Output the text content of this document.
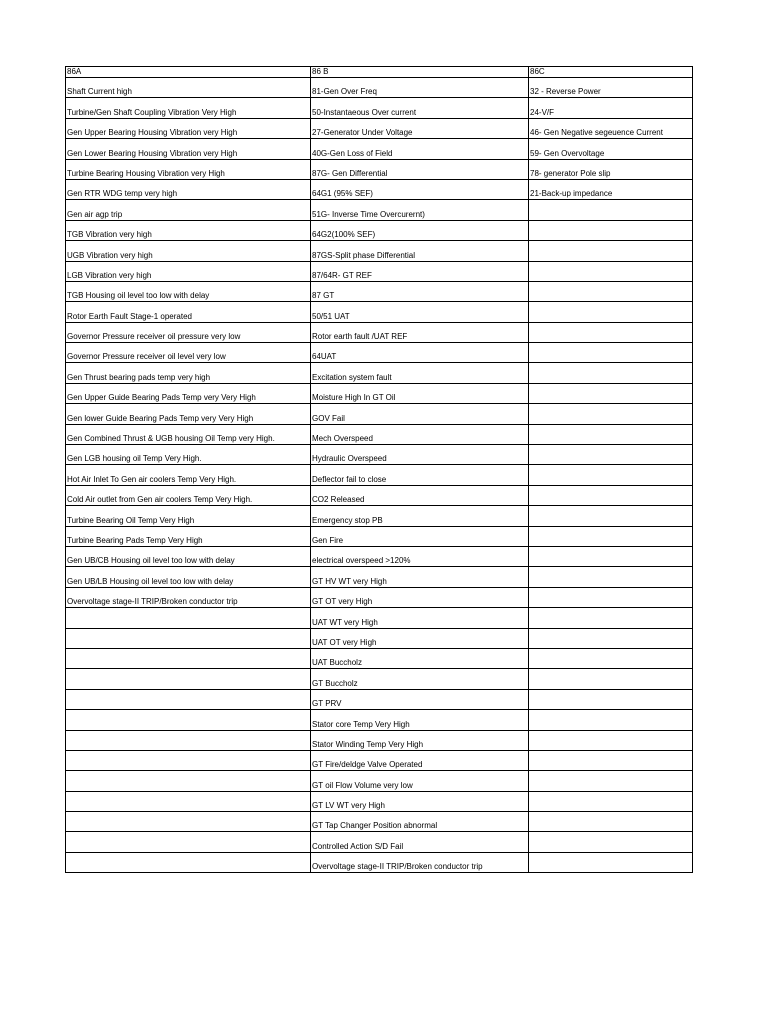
86A	86 B	86C
Shaft Current high	81-Gen Over Freq	32 - Reverse Power
Turbine/Gen Shaft Coupling Vibration Very High	50-Instantaeous Over current	24-V/F
Gen Upper Bearing Housing Vibration very High	27-Generator Under Voltage	46- Gen Negative segeuence Current
Gen Lower Bearing Housing Vibration very High	40G-Gen Loss of Field	59- Gen Overvoltage
Turbine Bearing Housing Vibration very High	87G- Gen Differential	78- generator Pole slip
Gen RTR WDG temp very high	64G1 (95% SEF)	21-Back-up impedance
Gen air agp trip	51G- Inverse Time Overcurernt)	
TGB Vibration very high	64G2(100% SEF)	
UGB Vibration very high	87GS-Split phase Differential	
LGB Vibration very high	87/64R- GT REF	
TGB Housing oil level too low with delay	87 GT	
Rotor Earth Fault Stage-1 operated	50/51 UAT	
Governor Pressure receiver oil pressure very low	Rotor earth fault /UAT REF	
Governor Pressure receiver oil level very low	64UAT	
Gen Thrust bearing pads temp very high	Excitation system fault	
Gen Upper Guide Bearing Pads Temp very Very High	Moisture High In GT Oil	
Gen lower Guide Bearing Pads Temp very Very High	GOV Fail	
Gen Combined Thrust & UGB housing Oil Temp very High.	Mech Overspeed	
Gen LGB housing oil Temp Very High.	Hydraulic Overspeed	
Hot Air Inlet To Gen air coolers Temp Very High.	Deflector fail to close	
Cold Air outlet from Gen air coolers Temp Very High.	CO2 Released	
Turbine Bearing Oil Temp Very High	Emergency stop PB	
Turbine Bearing Pads Temp Very High	Gen Fire	
Gen UB/CB Housing oil level too low with delay	electrical overspeed >120%	
Gen UB/LB Housing oil level too low with delay	GT HV WT very High	
Overvoltage stage-II TRIP/Broken conductor trip	GT OT very High	
	UAT WT very High	
	UAT OT very High	
	UAT Buccholz	
	GT Buccholz	
	GT PRV	
	Stator core Temp Very High	
	Stator Winding Temp Very High	
	GT Fire/deldge Valve Operated	
	GT oil Flow Volume very low	
	GT LV WT very High	
	GT Tap Changer Position abnormal	
	Controlled Action S/D Fail	
	Overvoltage stage-II TRIP/Broken conductor trip	
